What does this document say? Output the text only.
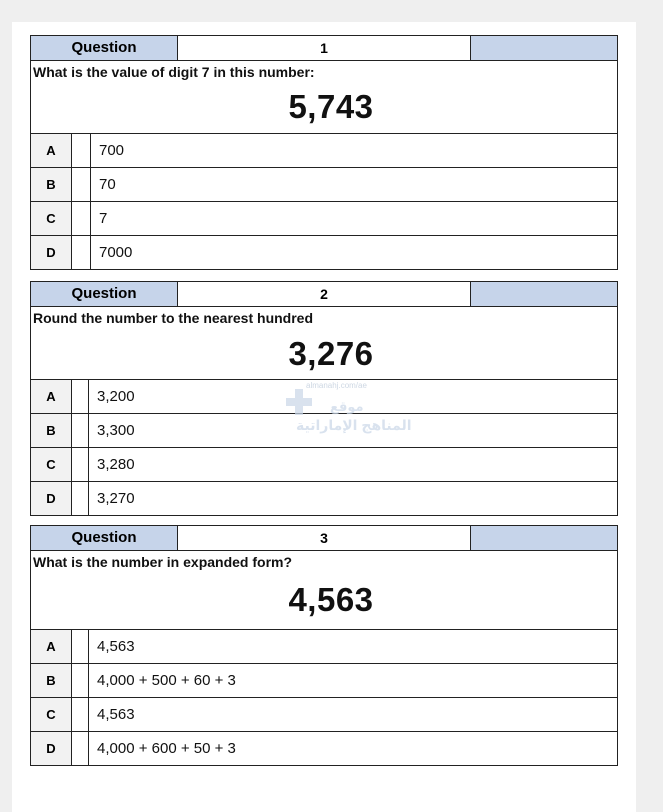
Question	1
What is the value of digit 7 in this number:
5,743
A	700
B	70
C	7
D	7000
Question	2
Round the number to the nearest hundred
3,276
A	3,200
B	3,300
C	3,280
D	3,270
Question	3
What is the number in expanded form?
4,563
A	4,563
B	4,000 + 500 + 60 + 3
C	4,563
D	4,000 + 600 + 50 + 3
almanahj.com/ae
موقع
المناهج الإماراتية
